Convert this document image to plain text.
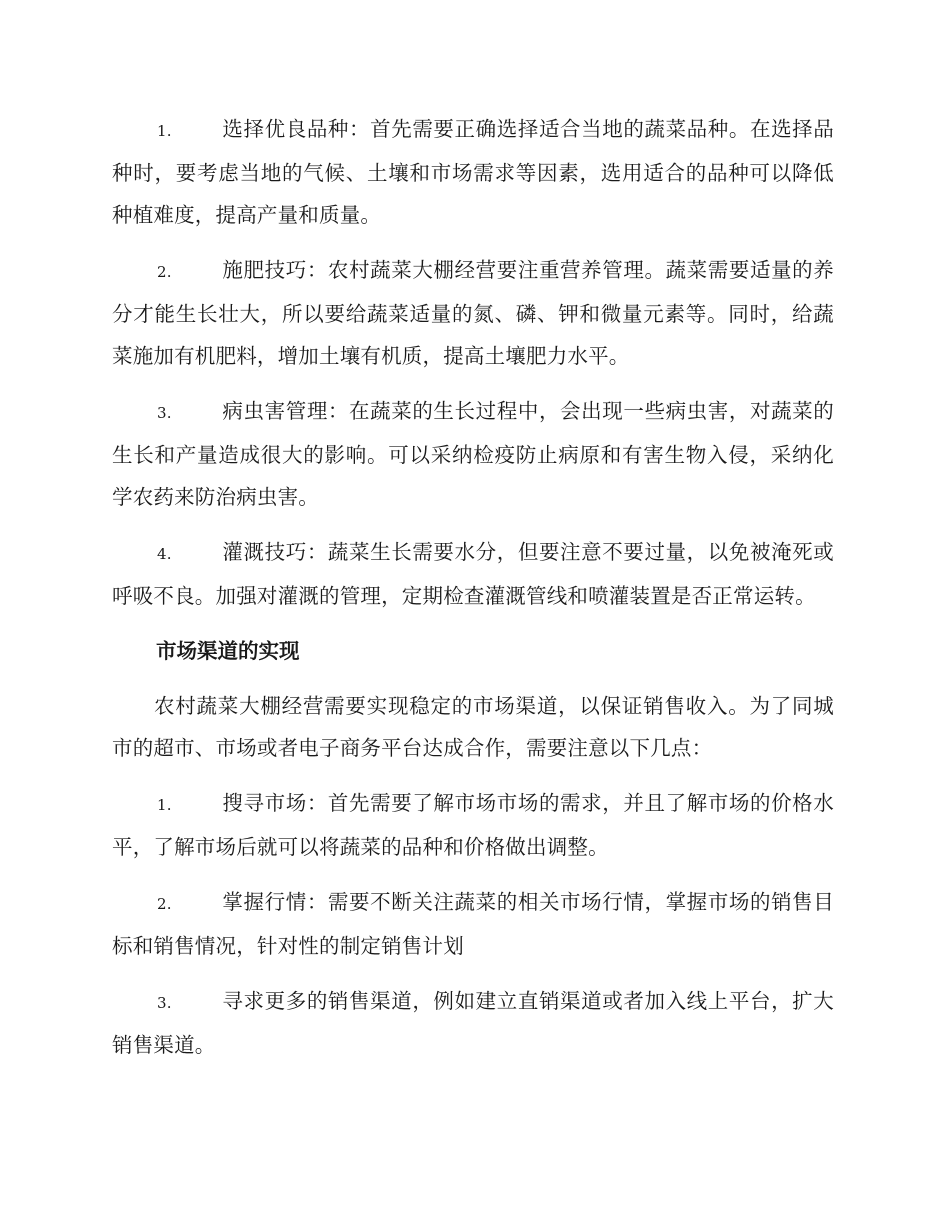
1. 选择优良品种：首先需要正确选择适合当地的蔬菜品种。在选择品种时，要考虑当地的气候、土壤和市场需求等因素，选用适合的品种可以降低种植难度，提高产量和质量。
2. 施肥技巧：农村蔬菜大棚经营要注重营养管理。蔬菜需要适量的养分才能生长壮大，所以要给蔬菜适量的氮、磷、钾和微量元素等。同时，给蔬菜施加有机肥料，增加土壤有机质，提高土壤肥力水平。
3. 病虫害管理：在蔬菜的生长过程中，会出现一些病虫害，对蔬菜的生长和产量造成很大的影响。可以采纳检疫防止病原和有害生物入侵，采纳化学农药来防治病虫害。
4. 灌溉技巧：蔬菜生长需要水分，但要注意不要过量，以免被淹死或呼吸不良。加强对灌溉的管理，定期检查灌溉管线和喷灌装置是否正常运转。
市场渠道的实现

农村蔬菜大棚经营需要实现稳定的市场渠道，以保证销售收入。为了同城市的超市、市场或者电子商务平台达成合作，需要注意以下几点：

1. 搜寻市场：首先需要了解市场市场的需求，并且了解市场的价格水平，了解市场后就可以将蔬菜的品种和价格做出调整。
2. 掌握行情：需要不断关注蔬菜的相关市场行情，掌握市场的销售目标和销售情况，针对性的制定销售计划
3. 寻求更多的销售渠道，例如建立直销渠道或者加入线上平台，扩大销售渠道。
